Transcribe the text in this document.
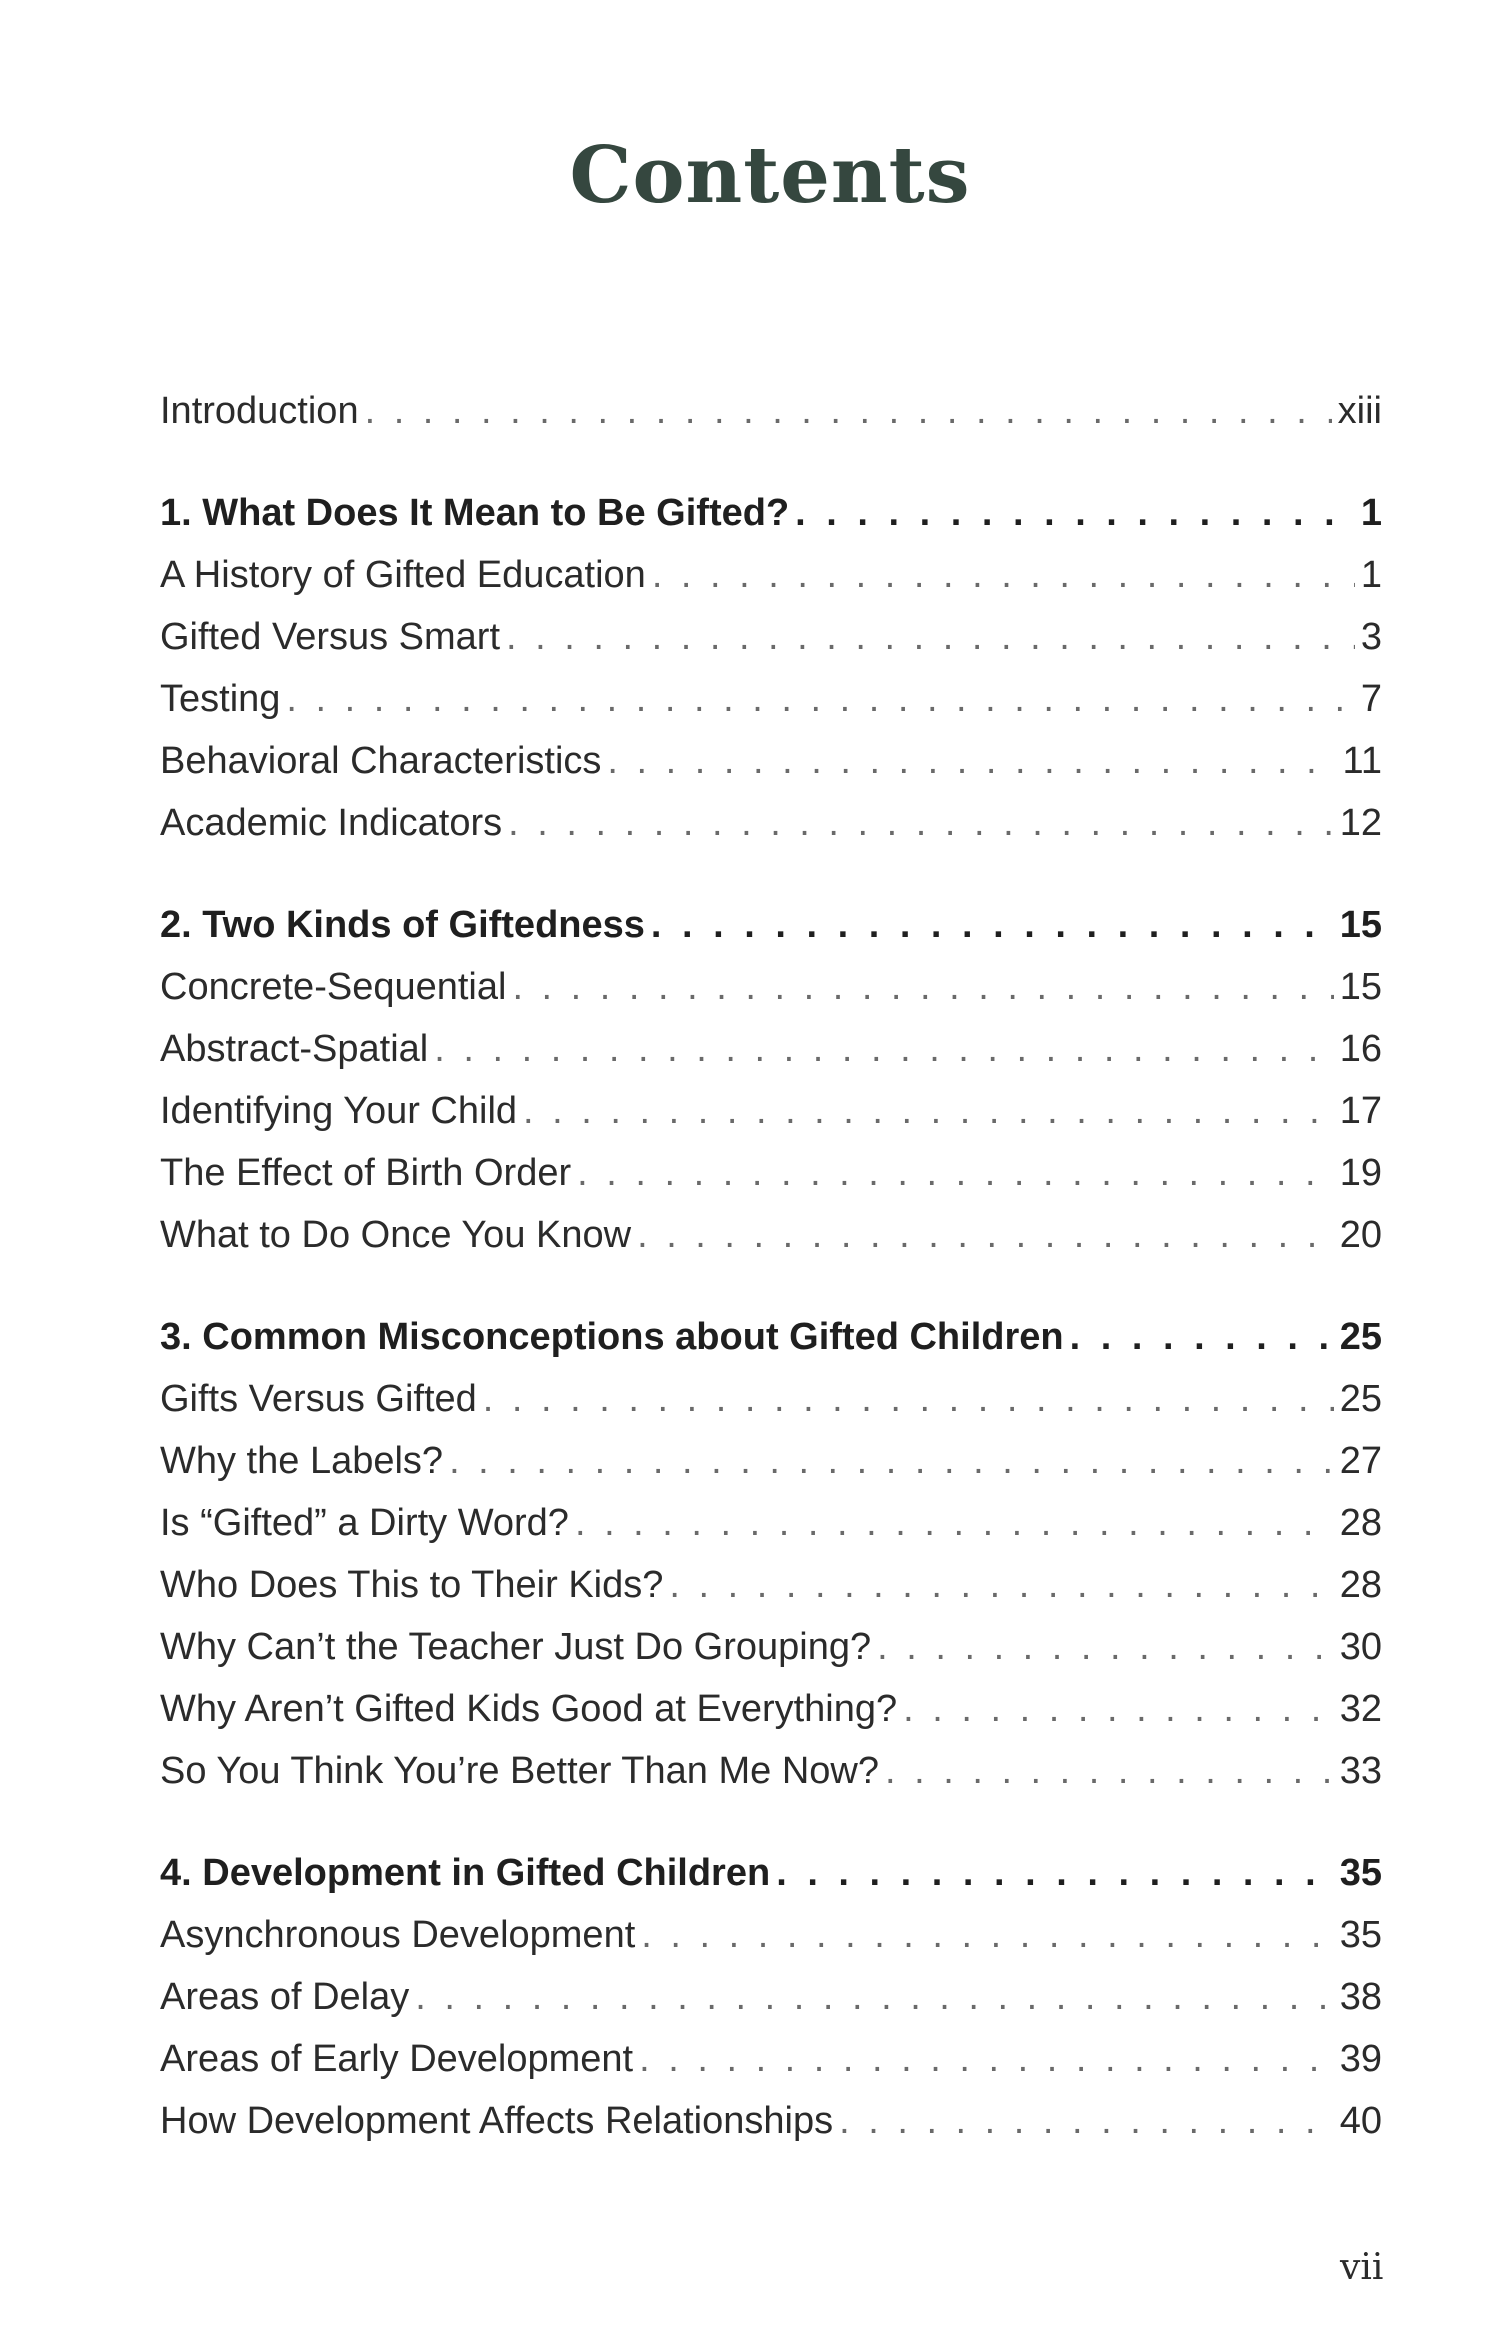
Contents
Introduction . . .	xiii
1. What Does It Mean to Be Gifted? . . .	1
A History of Gifted Education . . .	1
Gifted Versus Smart . . .	3
Testing . . .	7
Behavioral Characteristics . . .	11
Academic Indicators . . .	12
2. Two Kinds of Giftedness . . .	15
Concrete-Sequential . . .	15
Abstract-Spatial . . .	16
Identifying Your Child . . .	17
The Effect of Birth Order . . .	19
What to Do Once You Know . . .	20
3. Common Misconceptions about Gifted Children . . .	25
Gifts Versus Gifted . . .	25
Why the Labels? . . .	27
Is “Gifted” a Dirty Word? . . .	28
Who Does This to Their Kids? . . .	28
Why Can’t the Teacher Just Do Grouping? . . .	30
Why Aren’t Gifted Kids Good at Everything? . . .	32
So You Think You’re Better Than Me Now? . . .	33
4. Development in Gifted Children . . .	35
Asynchronous Development . . .	35
Areas of Delay . . .	38
Areas of Early Development . . .	39
How Development Affects Relationships . . .	40
vii
